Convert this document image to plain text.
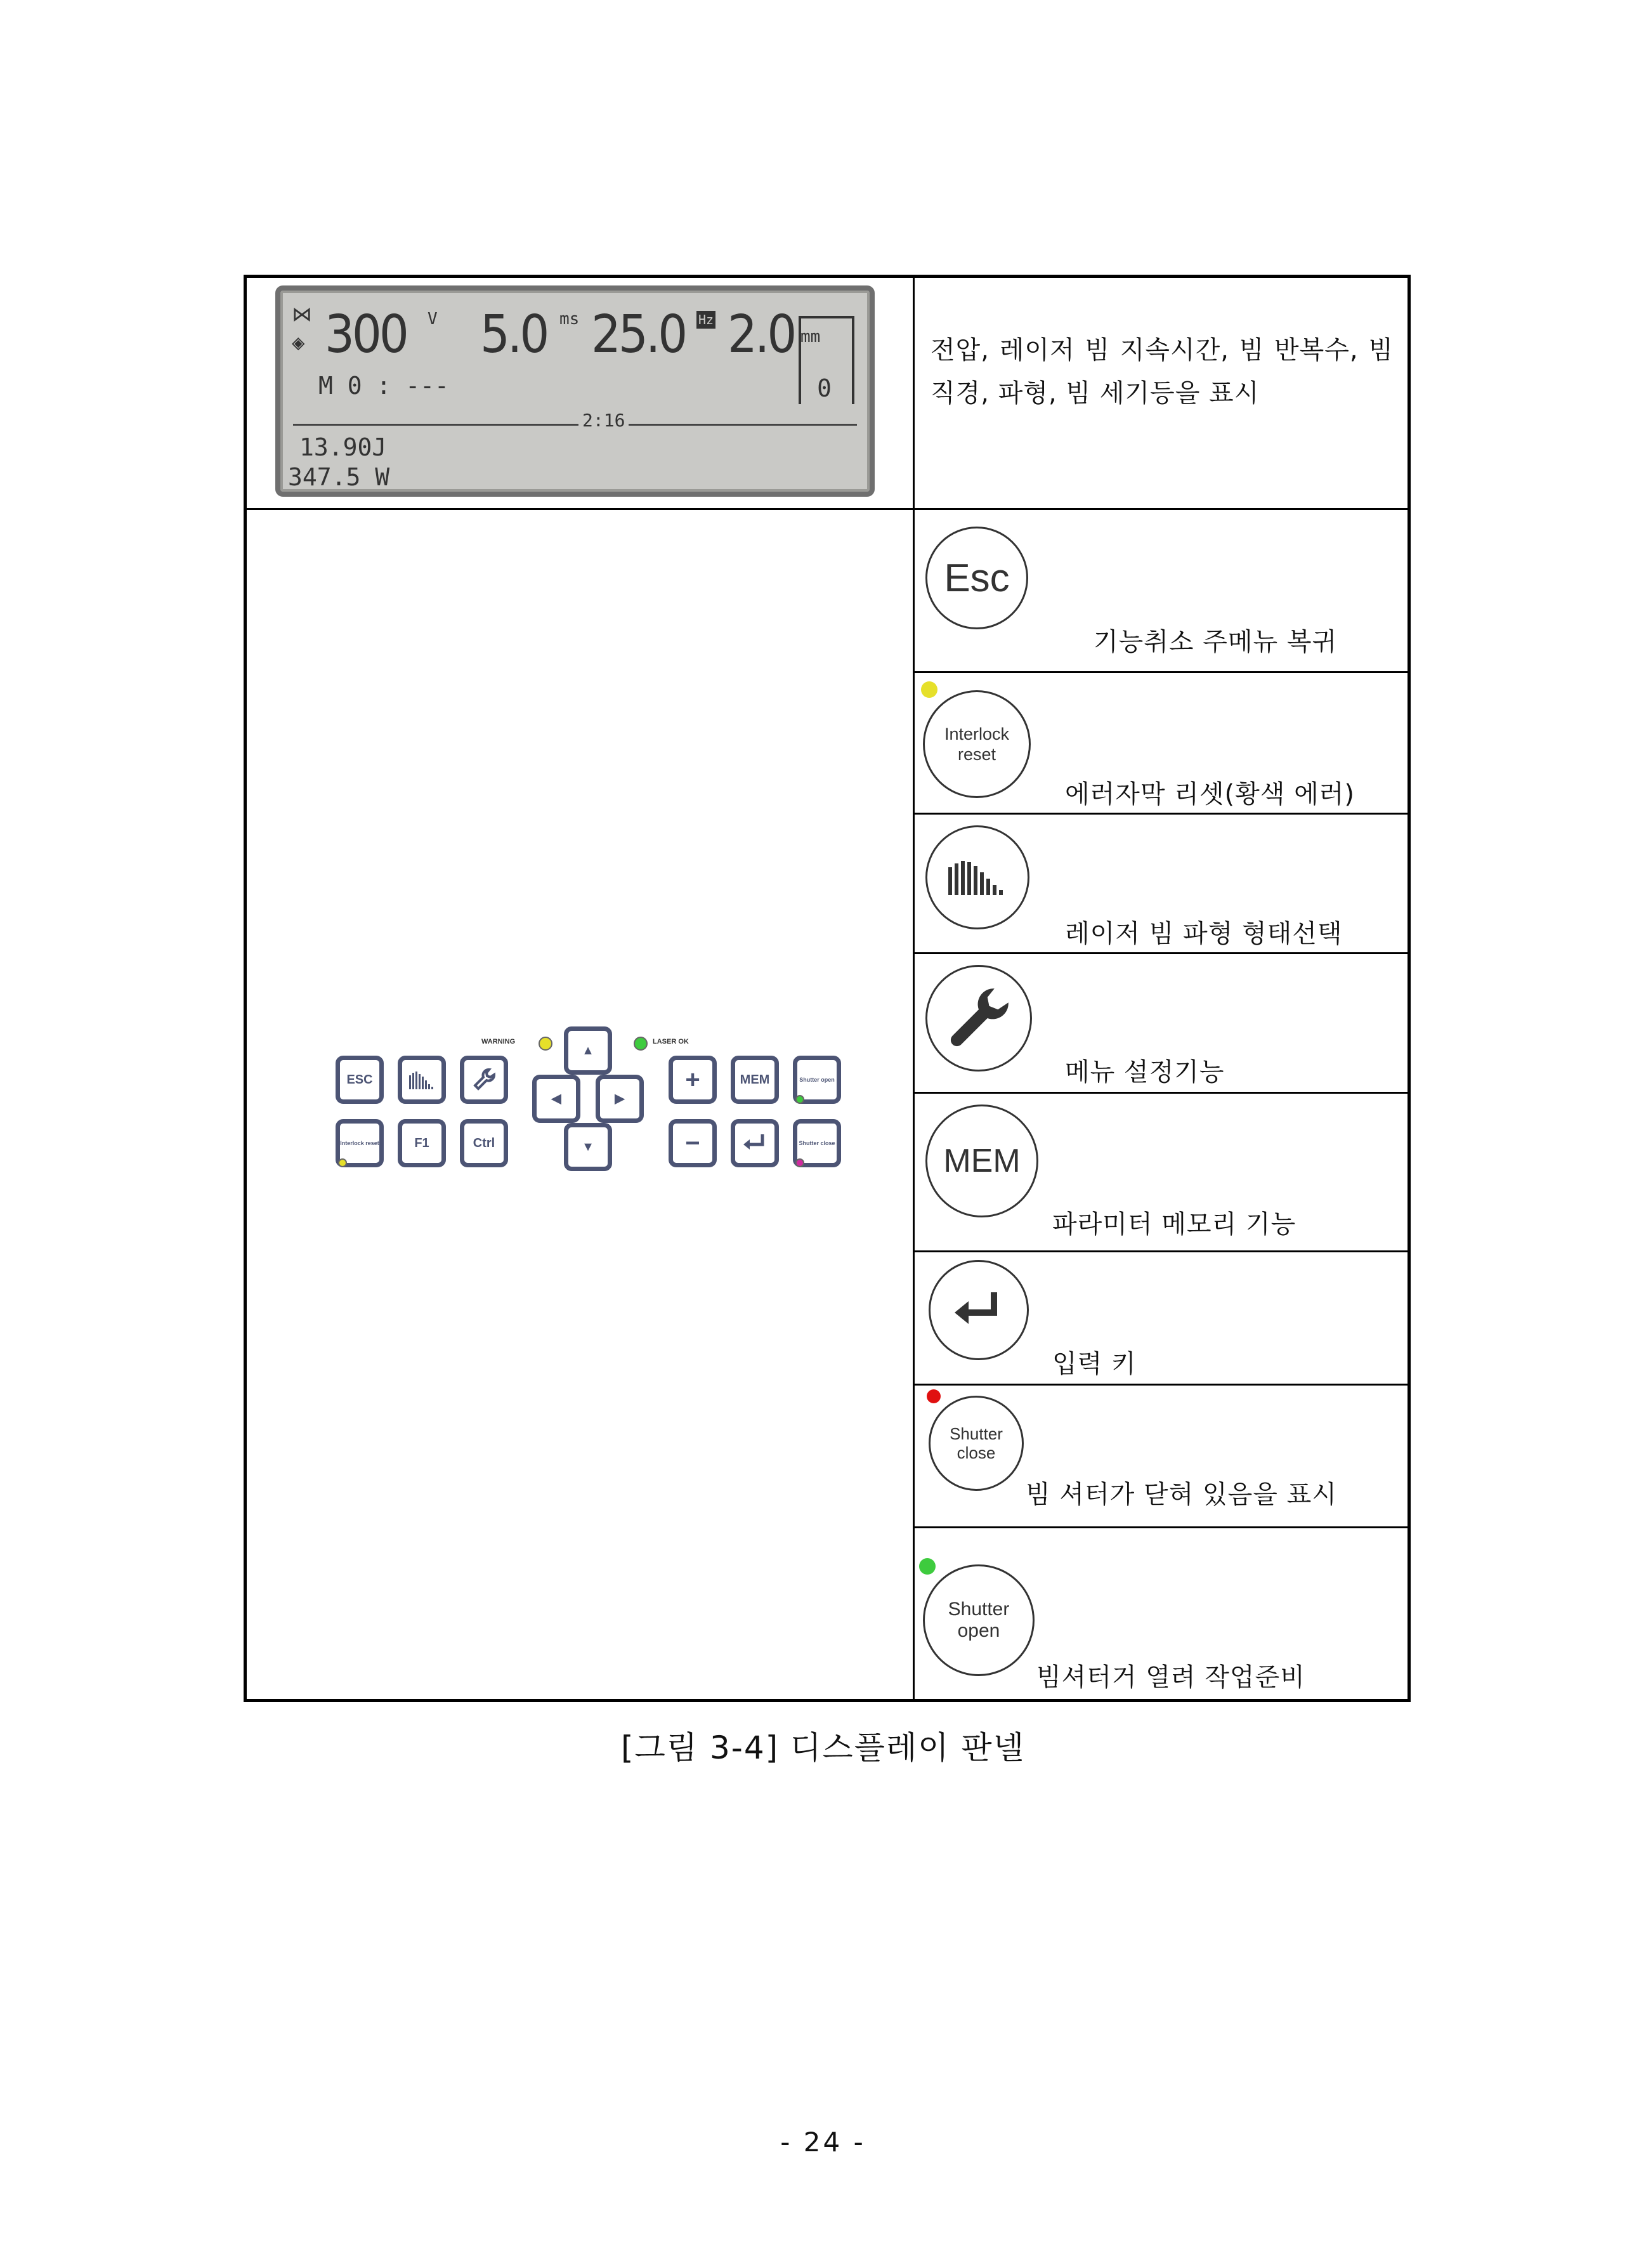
⋈
◈ 300 V 5.0 ms 25.0 Hz 2.0 mm
M 0 : ---	0
2:16
13.90J
347.5 W
전압, 레이저 빔 지속시간, 빔 반복수, 빔 직경, 파형, 빔 세기등을 표시
WARNING	LASER OK
ESC
▲
◀	▶
▼
+	MEM	Shutter open
Interlock reset	F1	Ctrl	−	Shutter close
Esc
기능취소 주메뉴 복귀
Interlock reset
에러자막 리셋(황색 에러)
레이저 빔 파형 형태선택
메뉴 설정기능
MEM
파라미터 메모리 기능
입력 키
Shutter close
빔 셔터가 닫혀 있음을 표시
Shutter open
빔셔터거 열려 작업준비
[그림 3-4] 디스플레이 판넬
- 24 -
